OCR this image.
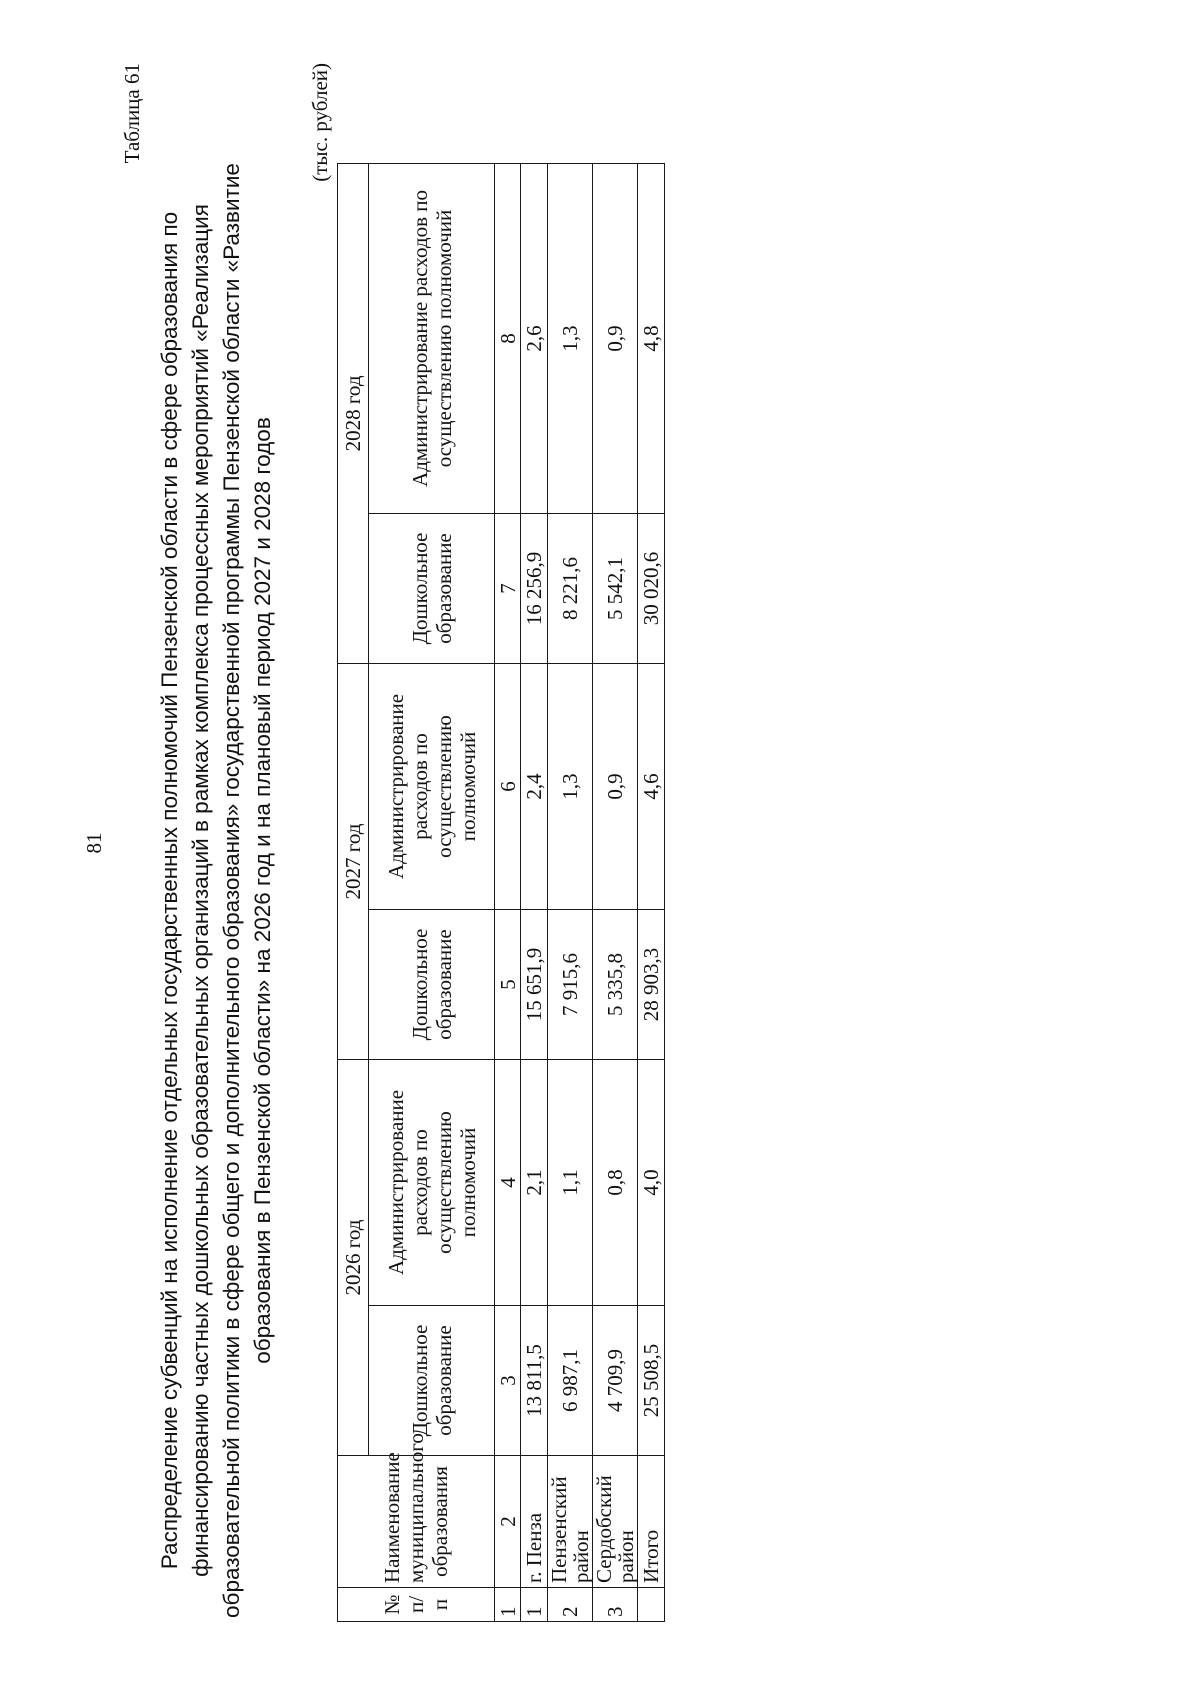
81
Таблица 61

Распределение субвенций на исполнение отдельных государственных полномочий Пензенской области в сфере образования по финансированию частных дошкольных образовательных организаций в рамках комплекса процессных мероприятий «Реализация образовательной политики в сфере общего и дополнительного образования» государственной программы Пензенской области «Развитие образования в Пензенской области» на 2026 год и на плановый период 2027 и 2028 годов

(тыс. рублей)
№ п/п	Наименование муниципального образования	2026 год		2027 год		2028 год	
		Дошкольное образование	Администрирование расходов по осуществлению полномочий	Дошкольное образование	Администрирование расходов по осуществлению полномочий	Дошкольное образование	Администрирование расходов по осуществлению полномочий
1	2	3	4	5	6	7	8
1	г. Пенза	13 811,5	2,1	15 651,9	2,4	16 256,9	2,6
2	Пензенский район	6 987,1	1,1	7 915,6	1,3	8 221,6	1,3
3	Сердобский район	4 709,9	0,8	5 335,8	0,9	5 542,1	0,9
	Итого	25 508,5	4,0	28 903,3	4,6	30 020,6	4,8
